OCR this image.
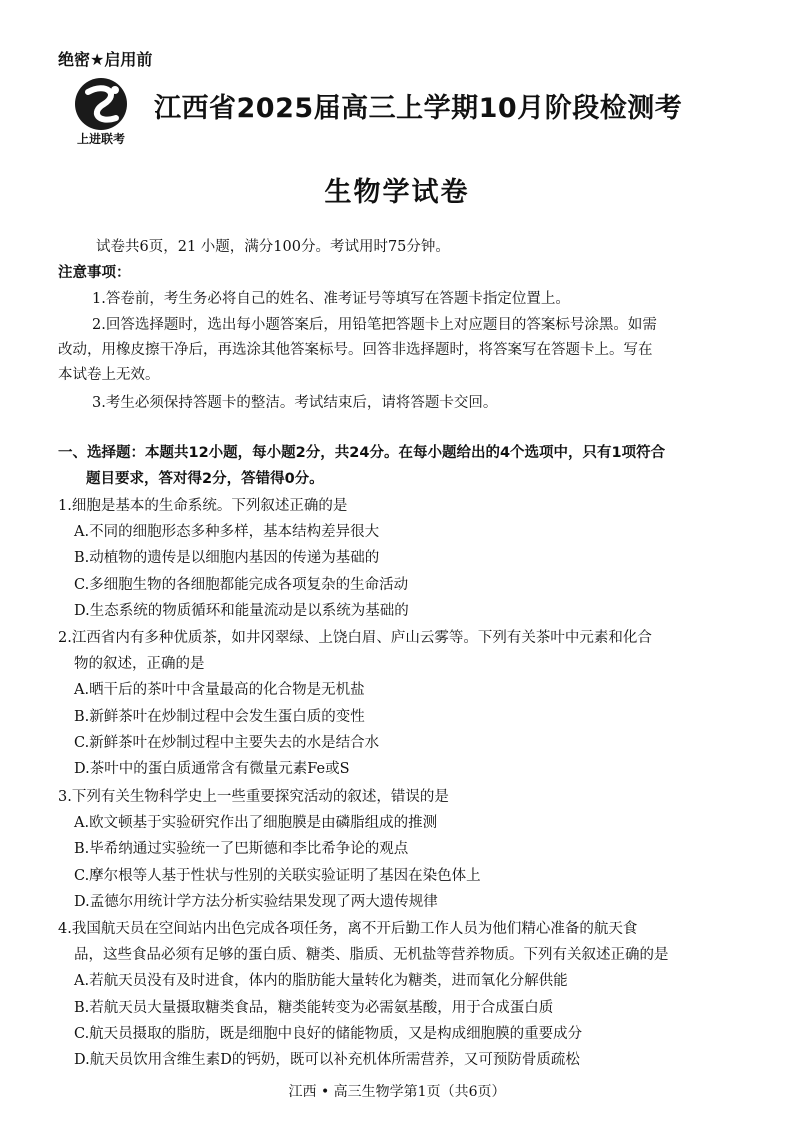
绝密★启用前
上进联考
江西省2025届高三上学期10月阶段检测考
生物学试卷
试卷共6页，21 小题，满分100分。考试用时75分钟。
注意事项：
1.答卷前，考生务必将自己的姓名、准考证号等填写在答题卡指定位置上。
2.回答选择题时，选出每小题答案后，用铅笔把答题卡上对应题目的答案标号涂黑。如需
改动，用橡皮擦干净后，再选涂其他答案标号。回答非选择题时，将答案写在答题卡上。写在
本试卷上无效。
3.考生必须保持答题卡的整洁。考试结束后，请将答题卡交回。
一、选择题：本题共12小题，每小题2分，共24分。在每小题给出的4个选项中，只有1项符合
题目要求，答对得2分，答错得0分。
1.细胞是基本的生命系统。下列叙述正确的是
A.不同的细胞形态多种多样，基本结构差异很大
B.动植物的遗传是以细胞内基因的传递为基础的
C.多细胞生物的各细胞都能完成各项复杂的生命活动
D.生态系统的物质循环和能量流动是以系统为基础的
2.江西省内有多种优质茶，如井冈翠绿、上饶白眉、庐山云雾等。下列有关茶叶中元素和化合
物的叙述，正确的是
A.晒干后的茶叶中含量最高的化合物是无机盐
B.新鲜茶叶在炒制过程中会发生蛋白质的变性
C.新鲜茶叶在炒制过程中主要失去的水是结合水
D.茶叶中的蛋白质通常含有微量元素Fe或S
3.下列有关生物科学史上一些重要探究活动的叙述，错误的是
A.欧文顿基于实验研究作出了细胞膜是由磷脂组成的推测
B.毕希纳通过实验统一了巴斯德和李比希争论的观点
C.摩尔根等人基于性状与性别的关联实验证明了基因在染色体上
D.孟德尔用统计学方法分析实验结果发现了两大遗传规律
4.我国航天员在空间站内出色完成各项任务，离不开后勤工作人员为他们精心准备的航天食
品，这些食品必须有足够的蛋白质、糖类、脂质、无机盐等营养物质。下列有关叙述正确的是
A.若航天员没有及时进食，体内的脂肪能大量转化为糖类，进而氧化分解供能
B.若航天员大量摄取糖类食品，糖类能转变为必需氨基酸，用于合成蛋白质
C.航天员摄取的脂肪，既是细胞中良好的储能物质，又是构成细胞膜的重要成分
D.航天员饮用含维生素D的钙奶，既可以补充机体所需营养，又可预防骨质疏松
江西 • 高三生物学第1页（共6页）
